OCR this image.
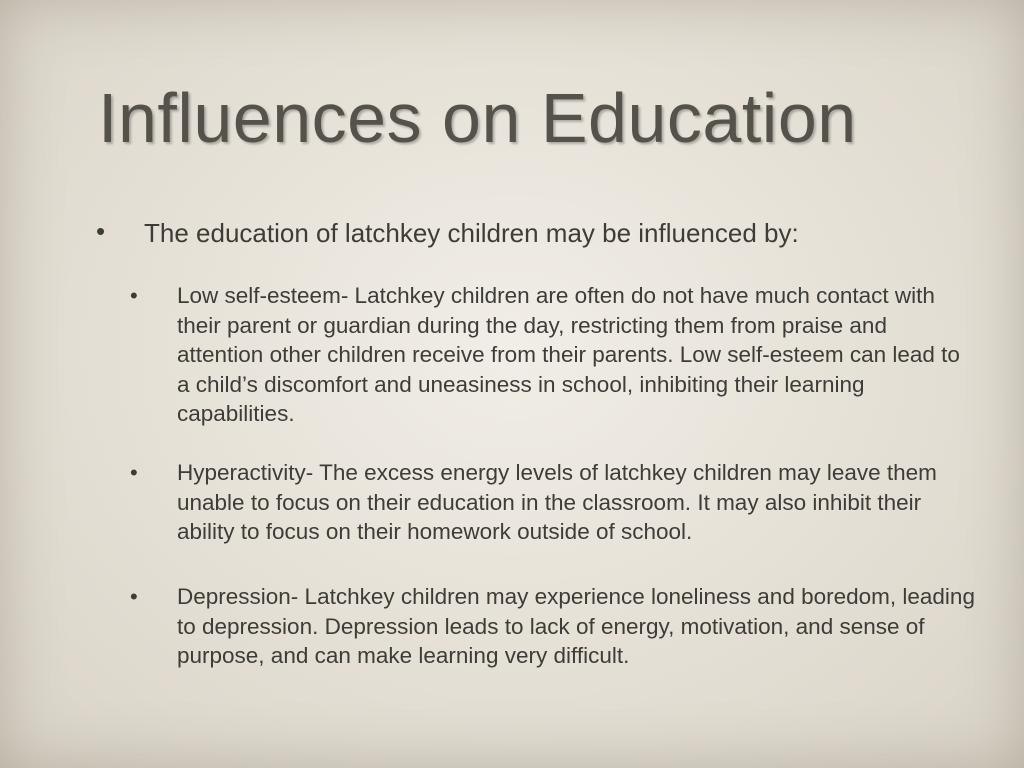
Influences on Education
• The education of latchkey children may be influenced by:
• Low self-esteem- Latchkey children are often do not have much contact with their parent or guardian during the day, restricting them from praise and attention other children receive from their parents. Low self-esteem can lead to a child’s discomfort and uneasiness in school, inhibiting their learning capabilities.
• Hyperactivity- The excess energy levels of latchkey children may leave them unable to focus on their education in the classroom. It may also inhibit their ability to focus on their homework outside of school.
• Depression- Latchkey children may experience loneliness and boredom, leading to depression. Depression leads to lack of energy, motivation, and sense of purpose, and can make learning very difficult.
